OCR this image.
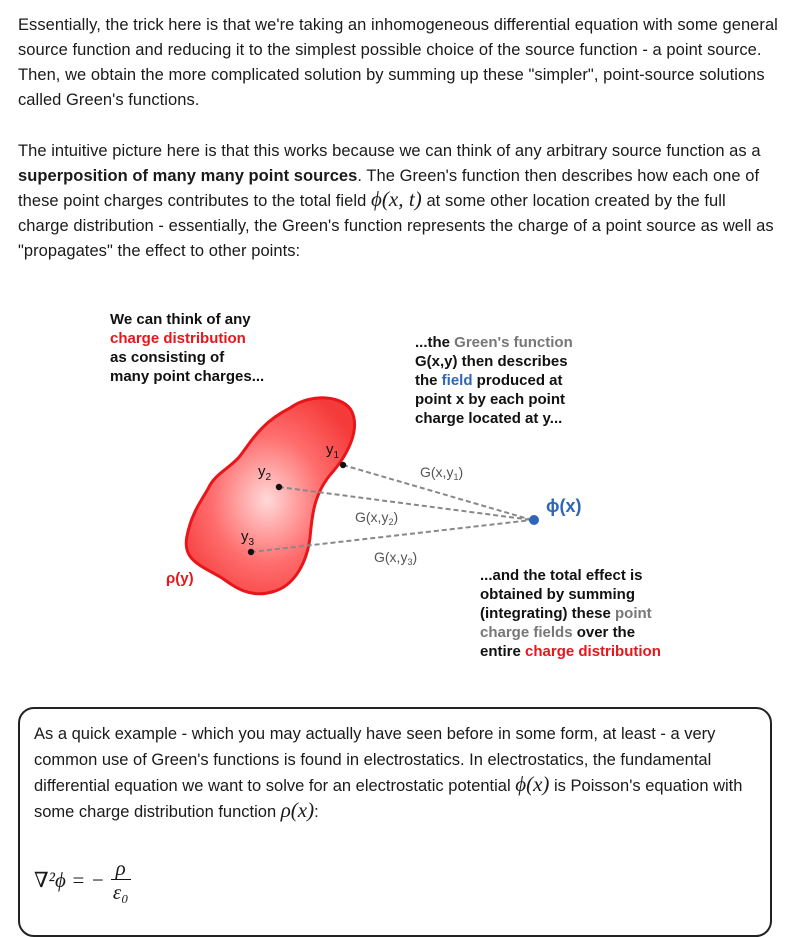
Essentially, the trick here is that we're taking an inhomogeneous differential equation with some general source function and reducing it to the simplest possible choice of the source function - a point source. Then, we obtain the more complicated solution by summing up these "simpler", point-source solutions called Green's functions.

The intuitive picture here is that this works because we can think of any arbitrary source function as a superposition of many many point sources. The Green's function then describes how each one of these point charges contributes to the total field ϕ(x, t) at some other location created by the full charge distribution - essentially, the Green's function represents the charge of a point source as well as "propagates" the effect to other points:

$y_1$
$y_2$
$y_3$
$G(x,y_1)$
$G(x,y_2)$
$G(x,y_3)$
ρ(y)
ϕ(x)

We can think of any
charge distribution
as consisting of
many point charges...

...the Green's function
G(x,y) then describes
the field produced at
point x by each point
charge located at y...

...and the total effect is
obtained by summing
(integrating) these point
charge fields over the
entire charge distribution

As a quick example - which you may actually have seen before in some form, at least - a very common use of Green's functions is found in electrostatics. In electrostatics, the fundamental differential equation we want to solve for an electrostatic potential ϕ(x) is Poisson's equation with some charge distribution function ρ(x):

∇²ϕ = − $\frac{\rho}{\text{ε₀}}$
